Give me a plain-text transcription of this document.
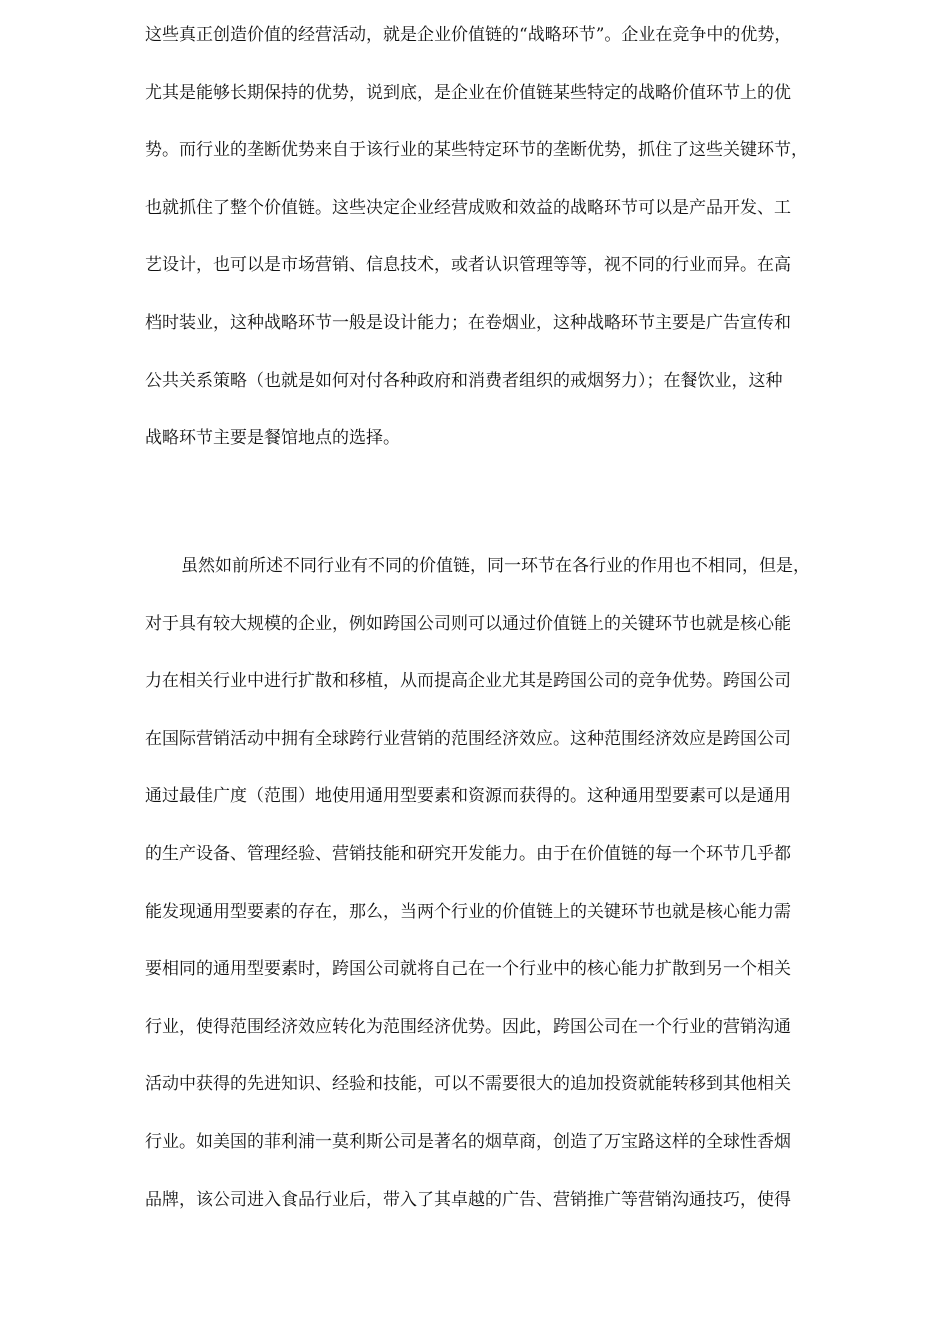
这些真正创造价值的经营活动，就是企业价值链的“战略环节”。企业在竞争中的优势，
尤其是能够长期保持的优势，说到底，是企业在价值链某些特定的战略价值环节上的优
势。而行业的垄断优势来自于该行业的某些特定环节的垄断优势，抓住了这些关键环节，
也就抓住了整个价值链。这些决定企业经营成败和效益的战略环节可以是产品开发、工
艺设计，也可以是市场营销、信息技术，或者认识管理等等，视不同的行业而异。在高
档时装业，这种战略环节一般是设计能力；在卷烟业，这种战略环节主要是广告宣传和
公共关系策略（也就是如何对付各种政府和消费者组织的戒烟努力）；在餐饮业，这种
战略环节主要是餐馆地点的选择。
虽然如前所述不同行业有不同的价值链，同一环节在各行业的作用也不相同，但是，
对于具有较大规模的企业，例如跨国公司则可以通过价值链上的关键环节也就是核心能
力在相关行业中进行扩散和移植，从而提高企业尤其是跨国公司的竞争优势。跨国公司
在国际营销活动中拥有全球跨行业营销的范围经济效应。这种范围经济效应是跨国公司
通过最佳广度（范围）地使用通用型要素和资源而获得的。这种通用型要素可以是通用
的生产设备、管理经验、营销技能和研究开发能力。由于在价值链的每一个环节几乎都
能发现通用型要素的存在，那么，当两个行业的价值链上的关键环节也就是核心能力需
要相同的通用型要素时，跨国公司就将自己在一个行业中的核心能力扩散到另一个相关
行业，使得范围经济效应转化为范围经济优势。因此，跨国公司在一个行业的营销沟通
活动中获得的先进知识、经验和技能，可以不需要很大的追加投资就能转移到其他相关
行业。如美国的菲利浦一莫利斯公司是著名的烟草商，创造了万宝路这样的全球性香烟
品牌，该公司进入食品行业后，带入了其卓越的广告、营销推广等营销沟通技巧，使得
